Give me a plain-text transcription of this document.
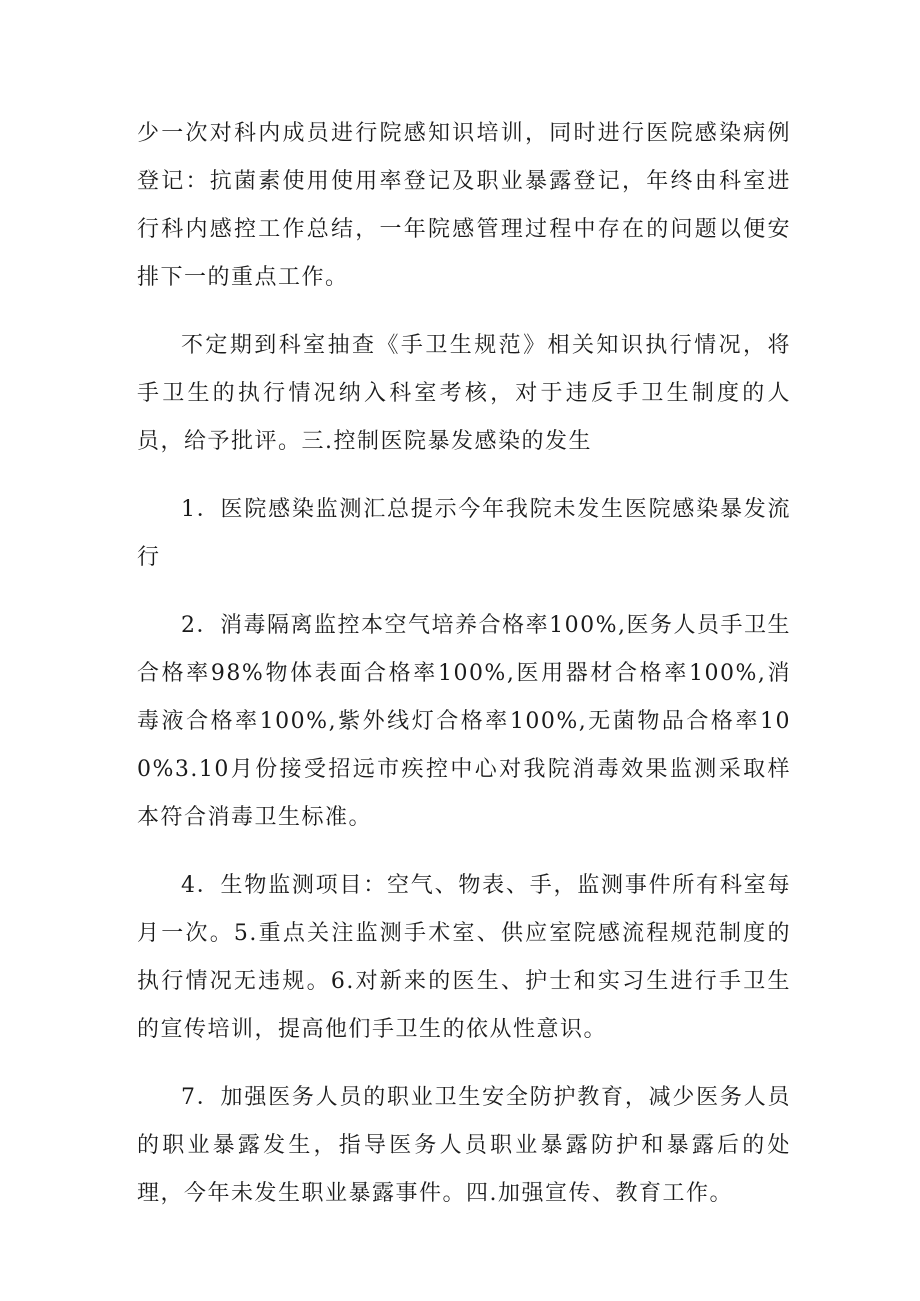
少一次对科内成员进行院感知识培训，同时进行医院感染病例登记：抗菌素使用使用率登记及职业暴露登记，年终由科室进行科内感控工作总结，一年院感管理过程中存在的问题以便安排下一的重点工作。

不定期到科室抽查《手卫生规范》相关知识执行情况，将手卫生的执行情况纳入科室考核，对于违反手卫生制度的人员，给予批评。三.控制医院暴发感染的发生

1．医院感染监测汇总提示今年我院未发生医院感染暴发流行

2．消毒隔离监控本空气培养合格率100%,医务人员手卫生合格率98%物体表面合格率100%,医用器材合格率100%,消毒液合格率100%,紫外线灯合格率100%,无菌物品合格率100%3.10月份接受招远市疾控中心对我院消毒效果监测采取样本符合消毒卫生标准。

4．生物监测项目：空气、物表、手，监测事件所有科室每月一次。5.重点关注监测手术室、供应室院感流程规范制度的执行情况无违规。6.对新来的医生、护士和实习生进行手卫生的宣传培训，提高他们手卫生的依从性意识。

7．加强医务人员的职业卫生安全防护教育，减少医务人员的职业暴露发生，指导医务人员职业暴露防护和暴露后的处理，今年未发生职业暴露事件。四.加强宣传、教育工作。
